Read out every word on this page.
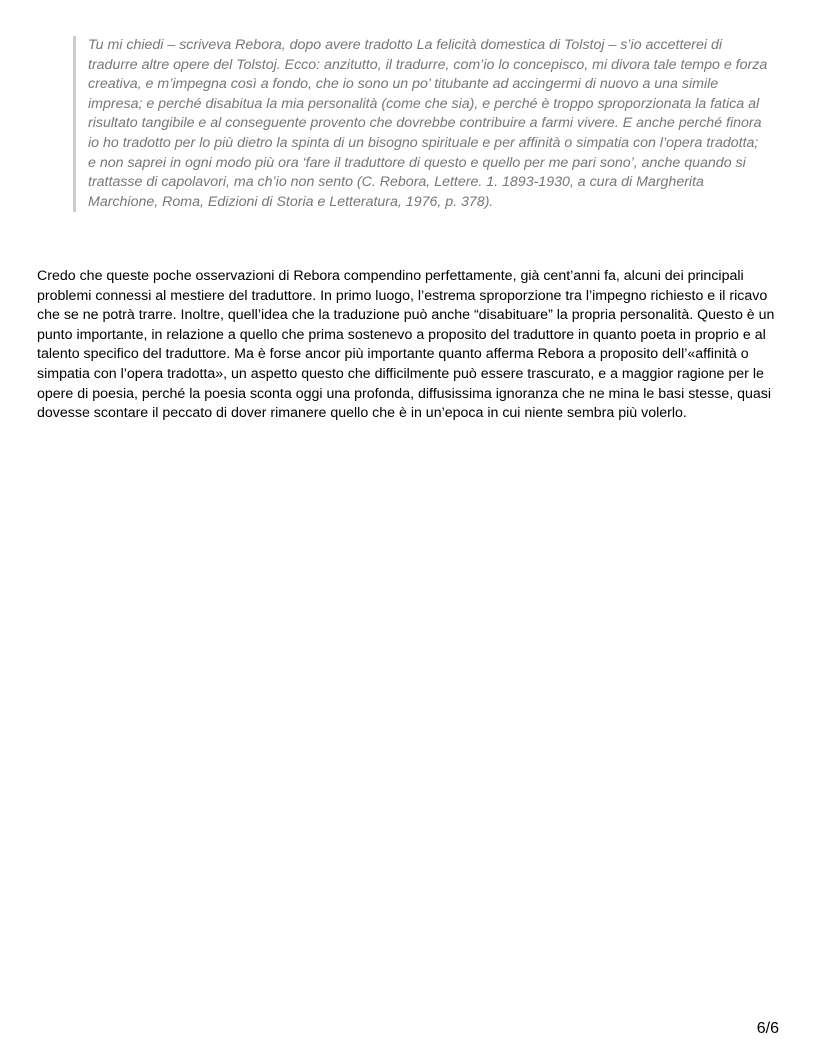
Tu mi chiedi – scriveva Rebora, dopo avere tradotto La felicità domestica di Tolstoj – s’io accetterei di tradurre altre opere del Tolstoj. Ecco: anzitutto, il tradurre, com’io lo concepisco, mi divora tale tempo e forza creativa, e m’impegna così a fondo, che io sono un po’ titubante ad accingermi di nuovo a una simile impresa; e perché disabitua la mia personalità (come che sia), e perché è troppo sproporzionata la fatica al risultato tangibile e al conseguente provento che dovrebbe contribuire a farmi vivere. E anche perché finora io ho tradotto per lo più dietro la spinta di un bisogno spirituale e per affinità o simpatia con l’opera tradotta; e non saprei in ogni modo più ora ‘fare il traduttore di questo e quello per me pari sono’, anche quando si trattasse di capolavori, ma ch’io non sento (C. Rebora, Lettere. 1. 1893-1930, a cura di Margherita Marchione, Roma, Edizioni di Storia e Letteratura, 1976, p. 378).

Credo che queste poche osservazioni di Rebora compendino perfettamente, già cent’anni fa, alcuni dei principali problemi connessi al mestiere del traduttore. In primo luogo, l’estrema sproporzione tra l’impegno richiesto e il ricavo che se ne potrà trarre. Inoltre, quell’idea che la traduzione può anche “disabituare” la propria personalità. Questo è un punto importante, in relazione a quello che prima sostenevo a proposito del traduttore in quanto poeta in proprio e al talento specifico del traduttore. Ma è forse ancor più importante quanto afferma Rebora a proposito dell’«affinità o simpatia con l’opera tradotta», un aspetto questo che difficilmente può essere trascurato, e a maggior ragione per le opere di poesia, perché la poesia sconta oggi una profonda, diffusissima ignoranza che ne mina le basi stesse, quasi dovesse scontare il peccato di dover rimanere quello che è in un’epoca in cui niente sembra più volerlo.

6/6
